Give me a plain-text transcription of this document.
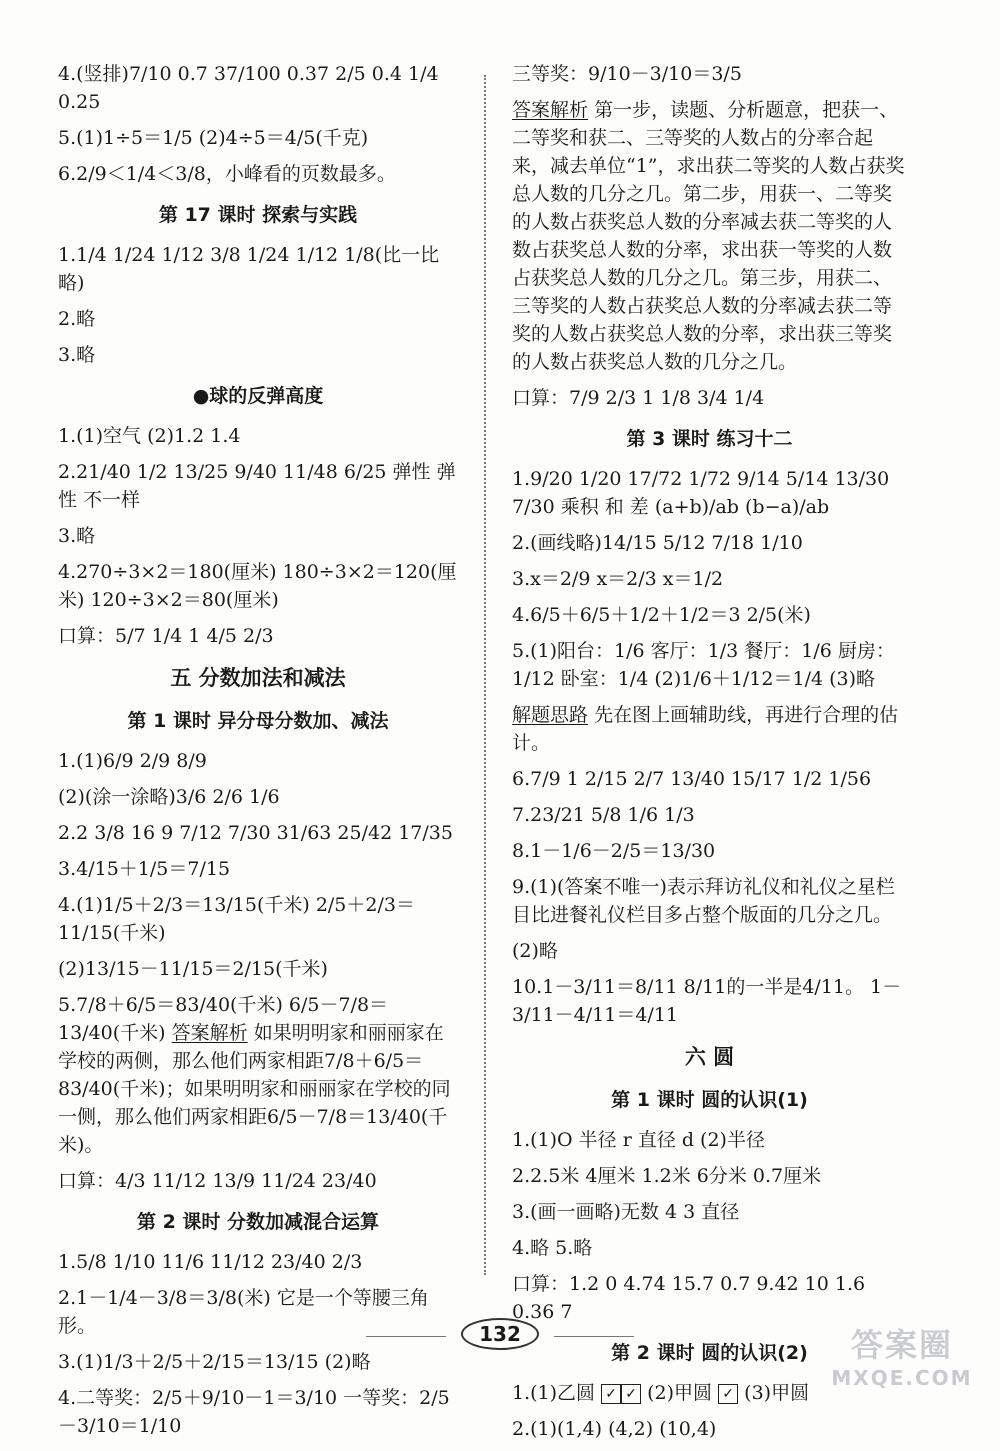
4.(竖排)7/10 0.7 37/100 0.37 2/5 0.4 1/4 0.25
5.(1)1÷5＝1/5 (2)4÷5＝4/5(千克)
6.2/9＜1/4＜3/8，小峰看的页数最多。
第 17 课时 探索与实践
1.1/4 1/24 1/12 3/8 1/24 1/12 1/8(比一比略)
2.略
3.略
●球的反弹高度
1.(1)空气 (2)1.2 1.4
2.21/40 1/2 13/25 9/40 11/48 6/25 弹性 弹性 不一样
3.略
4.270÷3×2＝180(厘米) 180÷3×2＝120(厘米) 120÷3×2＝80(厘米)
口算：5/7 1/4 1 4/5 2/3
五 分数加法和减法
第 1 课时 异分母分数加、减法
1.(1)6/9 2/9 8/9
(2)(涂一涂略)3/6 2/6 1/6
2.2 3/8 16 9 7/12 7/30 31/63 25/42 17/35
3.4/15＋1/5＝7/15
4.(1)1/5＋2/3＝13/15(千米) 2/5＋2/3＝11/15(千米)
(2)13/15－11/15＝2/15(千米)
5.7/8＋6/5＝83/40(千米) 6/5－7/8＝13/40(千米) 答案解析 如果明明家和丽丽家在学校的两侧，那么他们两家相距7/8＋6/5＝83/40(千米)；如果明明家和丽丽家在学校的同一侧，那么他们两家相距6/5－7/8＝13/40(千米)。
口算：4/3 11/12 13/9 11/24 23/40
第 2 课时 分数加减混合运算
1.5/8 1/10 11/6 11/12 23/40 2/3
2.1－1/4－3/8＝3/8(米) 它是一个等腰三角形。
3.(1)1/3＋2/5＋2/15＝13/15 (2)略
4.二等奖：2/5＋9/10－1＝3/10 一等奖：2/5－3/10＝1/10
三等奖：9/10－3/10＝3/5
答案解析 第一步，读题、分析题意，把获一、二等奖和获二、三等奖的人数占的分率合起来，减去单位“1”，求出获二等奖的人数占获奖总人数的几分之几。第二步，用获一、二等奖的人数占获奖总人数的分率减去获二等奖的人数占获奖总人数的分率，求出获一等奖的人数占获奖总人数的几分之几。第三步，用获二、三等奖的人数占获奖总人数的分率减去获二等奖的人数占获奖总人数的分率，求出获三等奖的人数占获奖总人数的几分之几。
口算：7/9 2/3 1 1/8 3/4 1/4
第 3 课时 练习十二
1.9/20 1/20 17/72 1/72 9/14 5/14 13/30 7/30 乘积 和 差 (a+b)/ab (b−a)/ab
2.(画线略)14/15 5/12 7/18 1/10
3.x＝2/9 x＝2/3 x＝1/2
4.6/5＋6/5＋1/2＋1/2＝3 2/5(米)
5.(1)阳台：1/6 客厅：1/3 餐厅：1/6 厨房：1/12 卧室：1/4 (2)1/6＋1/12＝1/4 (3)略
解题思路 先在图上画辅助线，再进行合理的估计。
6.7/9 1 2/15 2/7 13/40 15/17 1/2 1/56
7.23/21 5/8 1/6 1/3
8.1－1/6－2/5＝13/30
9.(1)(答案不唯一)表示拜访礼仪和礼仪之星栏目比进餐礼仪栏目多占整个版面的几分之几。
(2)略
10.1－3/11＝8/11 8/11的一半是4/11。 1－3/11－4/11＝4/11
六 圆
第 1 课时 圆的认识(1)
1.(1)O 半径 r 直径 d (2)半径
2.2.5米 4厘米 1.2米 6分米 0.7厘米
3.(画一画略)无数 4 3 直径
4.略 5.略
口算：1.2 0 4.74 15.7 0.7 9.42 10 1.6 0.36 7
第 2 课时 圆的认识(2)
1.(1)乙圆 ✓ ✓ (2)甲圆 ✓ (3)甲圆
2.(1)(1,4) (4,2) (10,4)
132	答案圈
MXQE.COM
